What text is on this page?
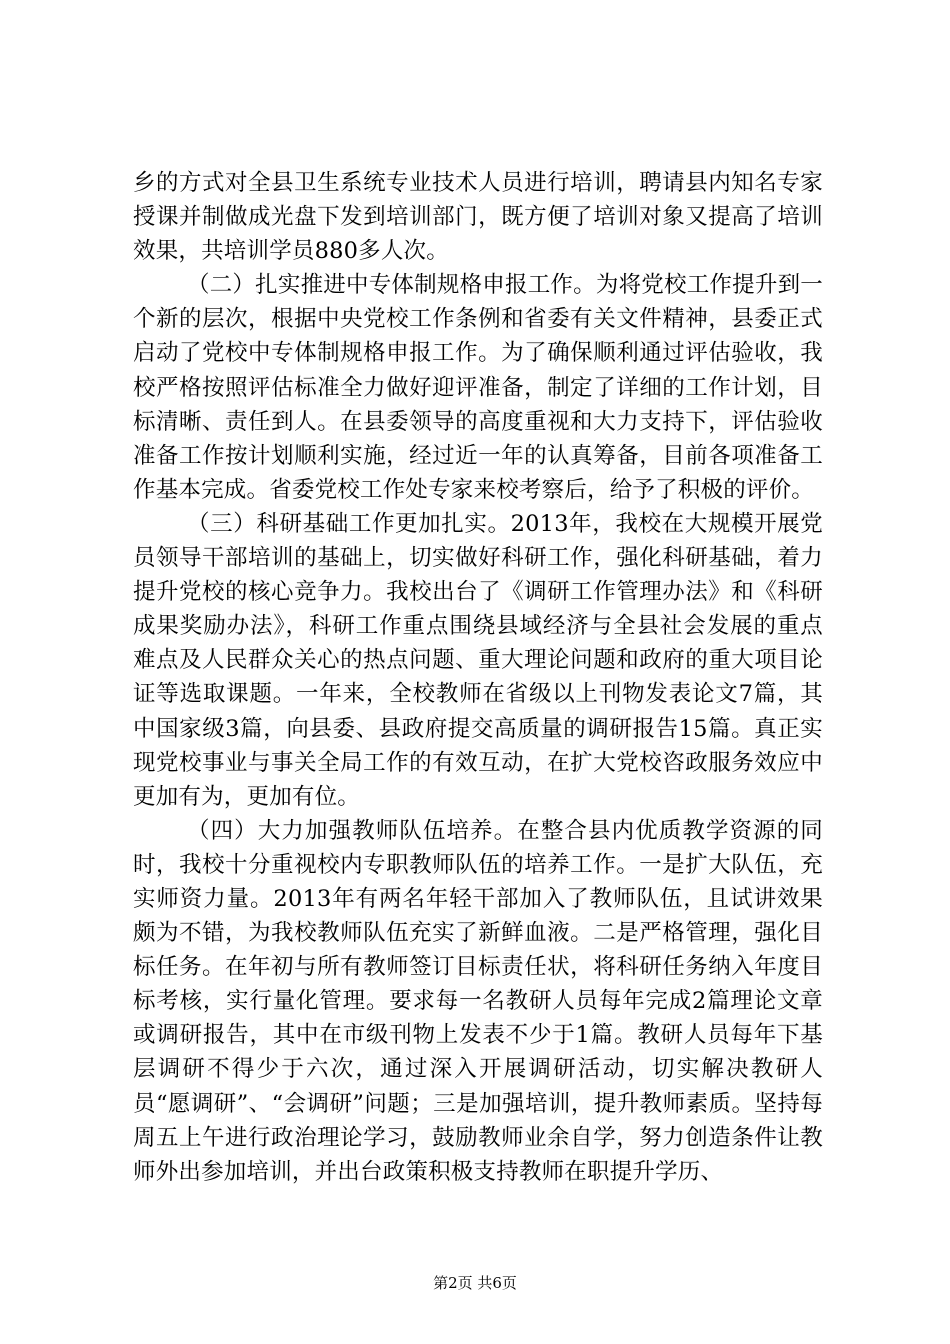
乡的方式对全县卫生系统专业技术人员进行培训，聘请县内知名专家授课并制做成光盘下发到培训部门，既方便了培训对象又提高了培训效果，共培训学员880多人次。

（二）扎实推进中专体制规格申报工作。为将党校工作提升到一个新的层次，根据中央党校工作条例和省委有关文件精神，县委正式启动了党校中专体制规格申报工作。为了确保顺利通过评估验收，我校严格按照评估标准全力做好迎评准备，制定了详细的工作计划，目标清晰、责任到人。在县委领导的高度重视和大力支持下，评估验收准备工作按计划顺利实施，经过近一年的认真筹备，目前各项准备工作基本完成。省委党校工作处专家来校考察后，给予了积极的评价。

（三）科研基础工作更加扎实。2013年，我校在大规模开展党员领导干部培训的基础上，切实做好科研工作，强化科研基础，着力提升党校的核心竞争力。我校出台了《调研工作管理办法》和《科研成果奖励办法》，科研工作重点围绕县域经济与全县社会发展的重点难点及人民群众关心的热点问题、重大理论问题和政府的重大项目论证等选取课题。一年来，全校教师在省级以上刊物发表论文7篇，其中国家级3篇，向县委、县政府提交高质量的调研报告15篇。真正实现党校事业与事关全局工作的有效互动，在扩大党校咨政服务效应中更加有为，更加有位。

（四）大力加强教师队伍培养。在整合县内优质教学资源的同时，我校十分重视校内专职教师队伍的培养工作。一是扩大队伍，充实师资力量。2013年有两名年轻干部加入了教师队伍，且试讲效果颇为不错，为我校教师队伍充实了新鲜血液。二是严格管理，强化目标任务。在年初与所有教师签订目标责任状，将科研任务纳入年度目标考核，实行量化管理。要求每一名教研人员每年完成2篇理论文章或调研报告，其中在市级刊物上发表不少于1篇。教研人员每年下基层调研不得少于六次，通过深入开展调研活动，切实解决教研人员“愿调研”、“会调研”问题；三是加强培训，提升教师素质。坚持每周五上午进行政治理论学习，鼓励教师业余自学，努力创造条件让教师外出参加培训，并出台政策积极支持教师在职提升学历、

第2页 共6页
